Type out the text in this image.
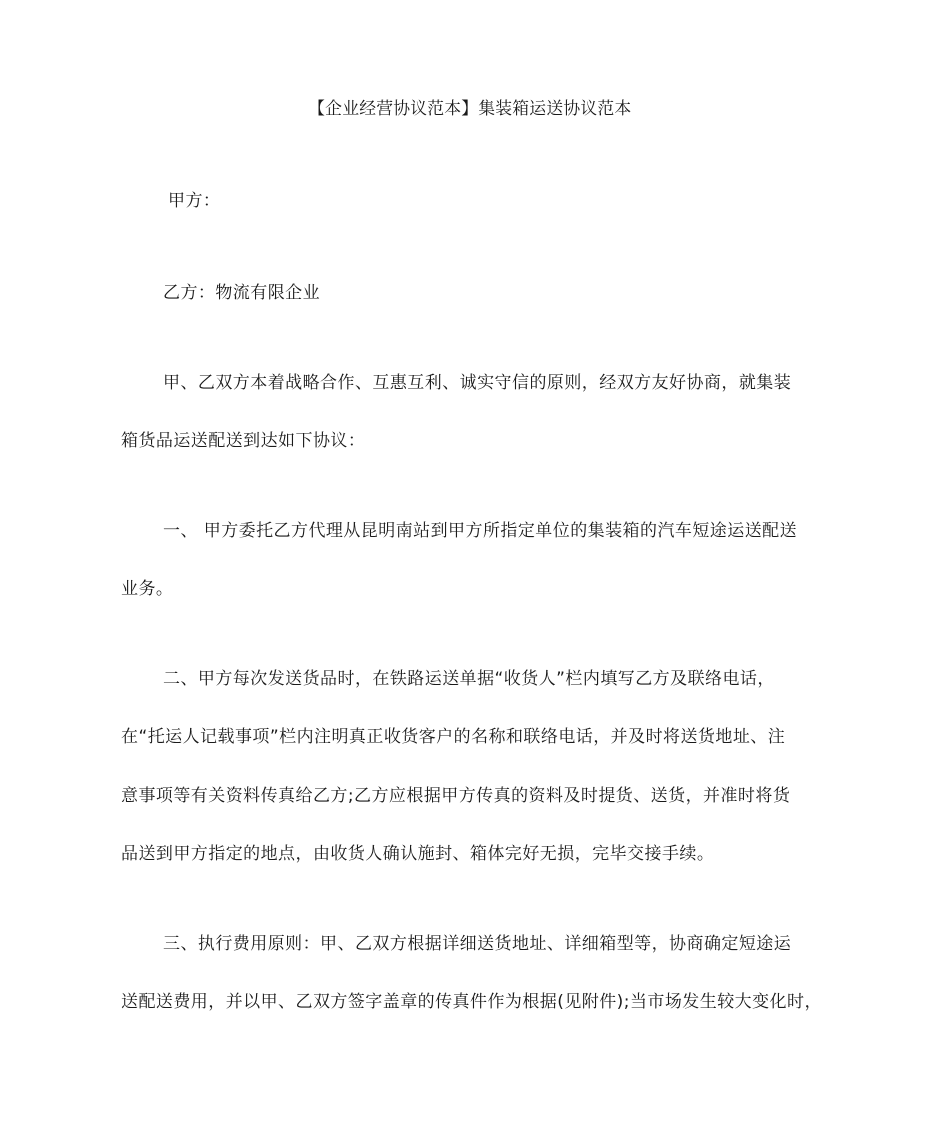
【企业经营协议范本】集装箱运送协议范本
甲方：
乙方：物流有限企业
甲、乙双方本着战略合作、互惠互利、诚实守信的原则，经双方友好协商，就集装
箱货品运送配送到达如下协议：
一、 甲方委托乙方代理从昆明南站到甲方所指定单位的集装箱的汽车短途运送配送
业务。
二、甲方每次发送货品时，在铁路运送单据“收货人”栏内填写乙方及联络电话，
在“托运人记载事项”栏内注明真正收货客户的名称和联络电话，并及时将送货地址、注
意事项等有关资料传真给乙方;乙方应根据甲方传真的资料及时提货、送货，并准时将货
品送到甲方指定的地点，由收货人确认施封、箱体完好无损，完毕交接手续。
三、执行费用原则：甲、乙双方根据详细送货地址、详细箱型等，协商确定短途运
送配送费用，并以甲、乙双方签字盖章的传真件作为根据(见附件);当市场发生较大变化时，
